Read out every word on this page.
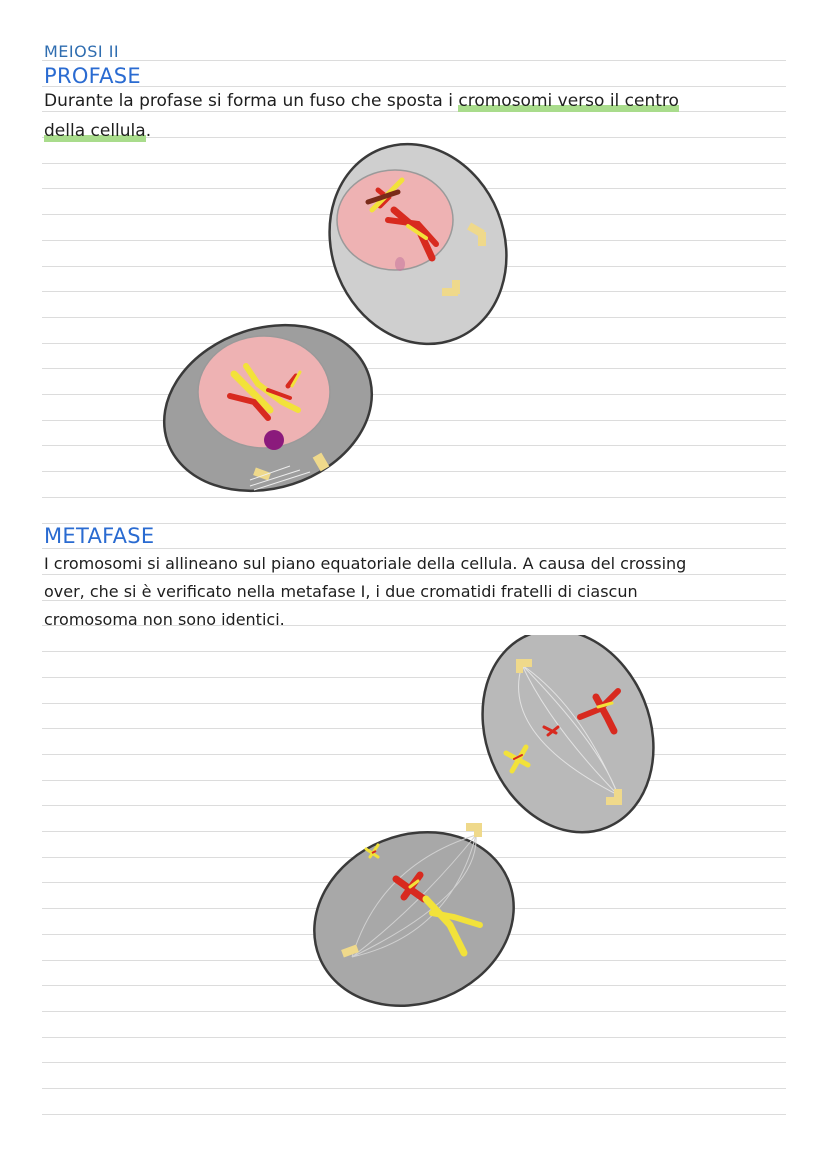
MEIOSI II
PROFASE
Durante la profase si forma un fuso che sposta i cromosomi verso il centro
della cellula.
METAFASE
I cromosomi si allineano sul piano equatoriale della cellula. A causa del crossing
over, che si è verificato nella metafase I, i due cromatidi fratelli di ciascun
cromosoma non sono identici.
